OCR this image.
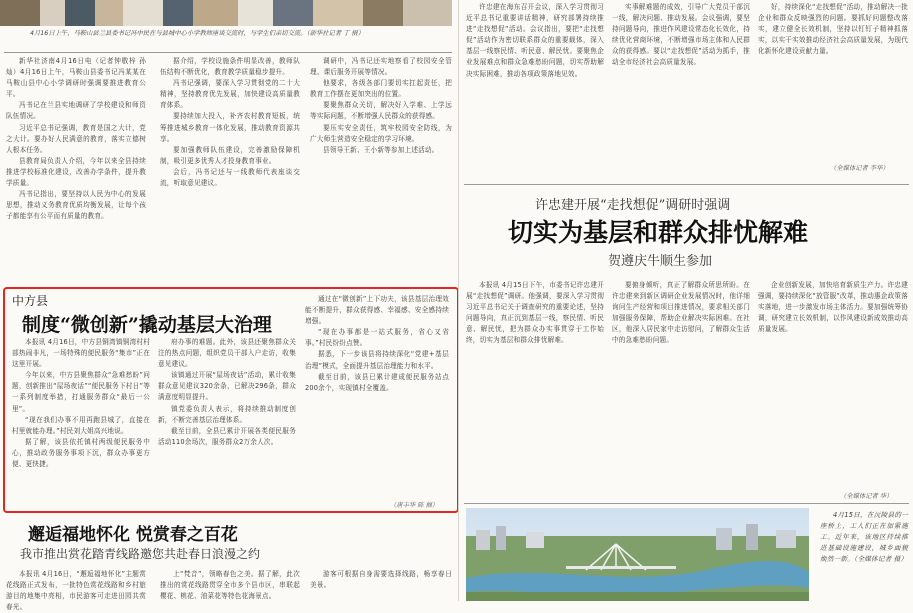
4月16日上午，马鞍山县兰县委书记冯中民在与县城中心小学教师座谈交流时，与学生们亲切交流。（新华社记者 丁 摄）

新华社济南4月16日电（记者钟敬梓 孙 灿）4月16日上午，马鞍山县委书记冯某某在马鞍山县中心小学调研时强调要推进教育公平。

冯书记在兰县实地调研了学校建设和师资队伍情况。

习近平总书记强调，教育是国之大计，党之大计。要办好人民满意的教育，落实立德树人根本任务。

县教育局负责人介绍，今年以来全县持续推进学校标准化建设，改善办学条件，提升教学质量。

冯书记指出，要坚持以人民为中心的发展思想，推动义务教育优质均衡发展，让每个孩子都能享有公平而有质量的教育。

据介绍，学校设施条件明显改善，教师队伍结构不断优化，教育教学质量稳步提升。

冯书记强调，要深入学习贯彻党的二十大精神，坚持教育优先发展，加快建设高质量教育体系。

要持续加大投入，补齐农村教育短板，统筹推进城乡教育一体化发展，推动教育资源共享。

要加强教师队伍建设，完善激励保障机制，吸引更多优秀人才投身教育事业。

会后，冯书记还与一线教师代表座谈交流，听取意见建议。

调研中，冯书记还实地察看了校园安全管理、课后服务开展等情况。

他要求，各级各部门要切实扛起责任，把教育工作摆在更加突出的位置。

要聚焦群众关切，解决好入学难、上学远等实际问题，不断增强人民群众的获得感。

要压实安全责任，筑牢校园安全防线，为广大师生营造安全稳定的学习环境。

县领导王新、王小新等参加上述活动。

中方县
制度“微创新”撬动基层大治理

本报讯 4月16日，中方县铜湾镇铜湾村村部热闹非凡，一场特殊的便民服务“集市”正在这里开展。

今年以来，中方县聚焦群众“急难愁盼”问题，创新推出“屋场夜话”“便民服务下村日”等一系列制度举措，打通服务群众“最后一公里”。

“现在我们办事不用再跑县城了，直接在村里就能办理。”村民刘大姐高兴地说。

据了解，该县依托镇村两级便民服务中心，推动政务服务事项下沉，群众办事更方便、更快捷。

府办事的难题。此外，该县还聚焦群众关注的热点问题，组织党员干部入户走访，收集意见建议。

该镇通过开展“屋场夜话”活动，累计收集群众意见建议320余条，已解决296条，群众满意度明显提升。

镇党委负责人表示，将持续推动制度创新，不断完善基层治理体系。

截至目前，全县已累计开展各类便民服务活动110余场次，服务群众2万余人次。

通过在“微创新”上下功夫，该县基层治理效能不断提升，群众获得感、幸福感、安全感持续增强。

“现在办事都是一站式服务，省心又省事。”村民纷纷点赞。

据悉，下一步该县将持续深化“党建+基层治理”模式，全面提升基层治理能力和水平。

截至目前，该县已累计建成便民服务站点200余个，实现镇村全覆盖。

（唐丰华 陈 摘）
邂逅福地怀化 悦赏春之百花
我市推出赏花踏青线路邀您共赴春日浪漫之约

本报讯 4月16日，“邂逅福地怀化”主题赏花线路正式发布，一批特色赏花线路和乡村旅游目的地集中亮相，市民游客可走进田园共赏春光。

上“梵音”，领略春色之美。据了解，此次推出的赏花线路贯穿全市多个县市区，串联起樱花、桃花、油菜花等特色花海景点。

游客可根据自身需要选择线路，畅享春日美景。

许忠建在海东召开会议，深入学习贯彻习近平总书记重要讲话精神，研究部署持续推进“走找想促”活动。会议指出，要把“走找想促”活动作为密切联系群众的重要载体，深入基层一线察民情、听民意、解民忧。要聚焦企业发展难点和群众急难愁盼问题，切实帮助解决实际困难，推动各项政策落地见效。

实事解难题的成效，引导广大党员干部沉一线，解决问题、推动发展。会议强调，要坚持问题导向，推进作风建设常态化长效化，持续优化营商环境，不断增强市场主体和人民群众的获得感。要以“走找想促”活动为抓手，推动全市经济社会高质量发展。

好，持续深化“走找想促”活动，推动解决一批企业和群众反映强烈的问题。要抓好问题整改落实，建立健全长效机制，坚持以钉钉子精神抓落实，以实干实效推动经济社会高质量发展，为现代化新怀化建设贡献力量。

（全媒体记者 李华）
许忠建开展“走找想促”调研时强调
切实为基层和群众排忧解难
贺遵庆牛顺生参加

本报讯 4月15日下午，市委书记许忠建开展“走找想促”调研。他强调，要深入学习贯彻习近平总书记关于调查研究的重要论述，坚持问题导向，真正沉到基层一线，察民情、听民意、解民忧，把为群众办实事贯穿于工作始终，切实为基层和群众排忧解难。

要俯身倾听，真正了解群众所思所盼。在许忠建来到新区调研企业发展情况时，他详细询问生产经营和项目推进情况，要求相关部门加强服务保障，帮助企业解决实际困难。在社区，他深入居民家中走访慰问，了解群众生活中的急难愁盼问题。

企业创新发展，加快培育新质生产力。许忠建强调，要持续深化“放管服”改革，推动惠企政策落实落地，进一步激发市场主体活力。要加强统筹协调，研究建立长效机制，以作风建设新成效推动高质量发展。

（全媒体记者 华）

4月15日，在沅陵县的一座桥上，工人们正在加紧施工。近年来，该地区持续推进基础设施建设，城乡面貌焕然一新。（全媒体记者 摄）
